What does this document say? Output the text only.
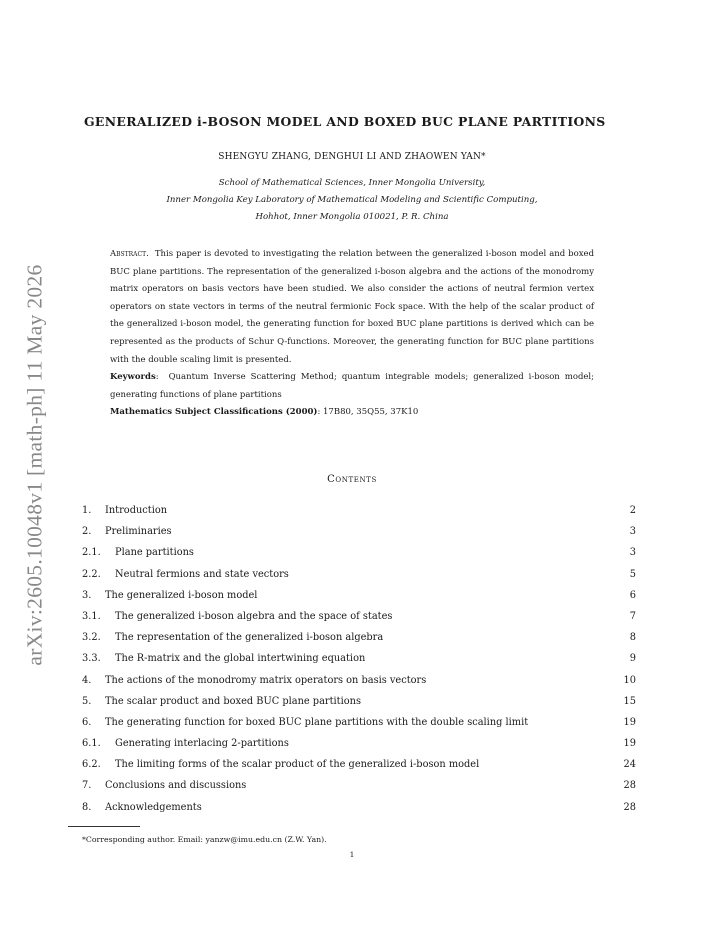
arXiv:2605.10048v1 [math-ph] 11 May 2026
GENERALIZED i-BOSON MODEL AND BOXED BUC PLANE PARTITIONS
SHENGYU ZHANG, DENGHUI LI AND ZHAOWEN YAN*
School of Mathematical Sciences, Inner Mongolia University,
Inner Mongolia Key Laboratory of Mathematical Modeling and Scientific Computing,
Hohhot, Inner Mongolia 010021, P. R. China

Abstract. This paper is devoted to investigating the relation between the generalized i-boson model and boxed BUC plane partitions. The representation of the generalized i-boson algebra and the actions of the monodromy matrix operators on basis vectors have been studied. We also consider the actions of neutral fermion vertex operators on state vectors in terms of the neutral fermionic Fock space. With the help of the scalar product of the generalized i-boson model, the generating function for boxed BUC plane partitions is derived which can be represented as the products of Schur Q-functions. Moreover, the generating function for BUC plane partitions with the double scaling limit is presented.

Keywords:  Quantum Inverse Scattering Method; quantum integrable models; generalized i-boson model; generating functions of plane partitions

Mathematics Subject Classifications (2000): 17B80, 35Q55, 37K10

Contents
1. Introduction	2
2. Preliminaries	3
2.1. Plane partitions	3
2.2. Neutral fermions and state vectors	5
3. The generalized i-boson model	6
3.1. The generalized i-boson algebra and the space of states	7
3.2. The representation of the generalized i-boson algebra	8
3.3. The R-matrix and the global intertwining equation	9
4. The actions of the monodromy matrix operators on basis vectors	10
5. The scalar product and boxed BUC plane partitions	15
6. The generating function for boxed BUC plane partitions with the double scaling limit	19
6.1. Generating interlacing 2-partitions	19
6.2. The limiting forms of the scalar product of the generalized i-boson model	24
7. Conclusions and discussions	28
8. Acknowledgements	28
*Corresponding author. Email: yanzw@imu.edu.cn (Z.W. Yan).
1
